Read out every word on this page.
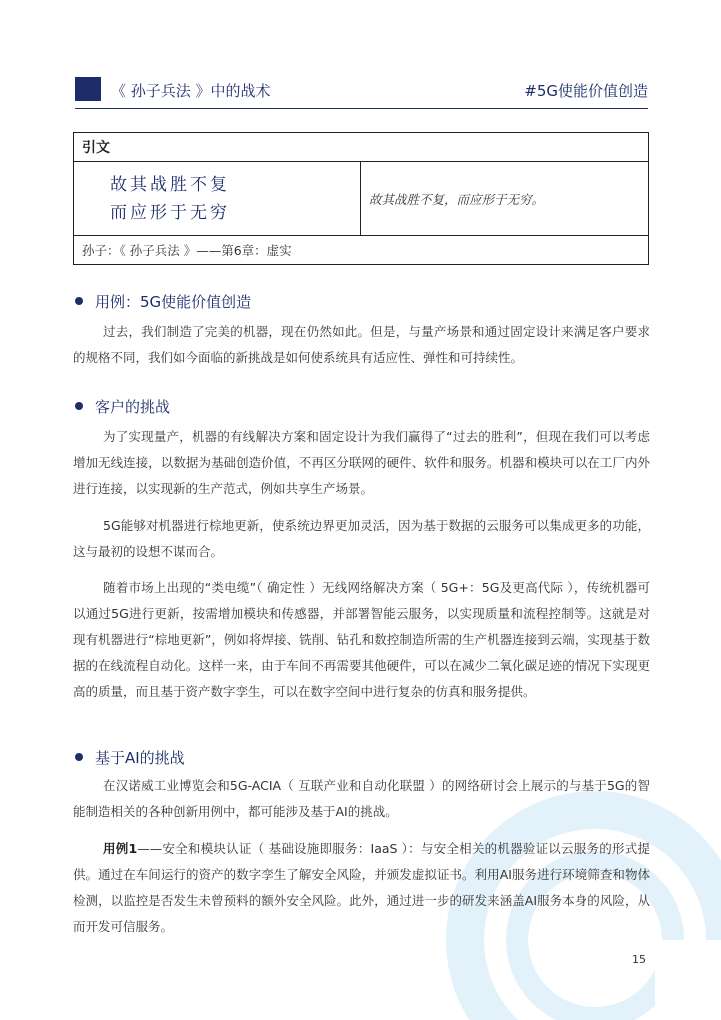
《 孙子兵法 》中的战术	#5G使能价值创造
引文

故其战胜不复
而应形于无穷
	故其战胜不复，而应形于无穷。
孙子：《 孙子兵法 》——第6章：虚实
用例：5G使能价值创造

过去，我们制造了完美的机器，现在仍然如此。但是，与量产场景和通过固定设计来满足客户要求的规格不同，我们如今面临的新挑战是如何使系统具有适应性、弹性和可持续性。

客户的挑战

为了实现量产，机器的有线解决方案和固定设计为我们赢得了“过去的胜利”，但现在我们可以考虑增加无线连接，以数据为基础创造价值，不再区分联网的硬件、软件和服务。机器和模块可以在工厂内外进行连接，以实现新的生产范式，例如共享生产场景。

5G能够对机器进行棕地更新，使系统边界更加灵活，因为基于数据的云服务可以集成更多的功能，这与最初的设想不谋而合。

随着市场上出现的“类电缆”（ 确定性 ）无线网络解决方案（ 5G+：5G及更高代际 ），传统机器可以通过5G进行更新，按需增加模块和传感器，并部署智能云服务，以实现质量和流程控制等。这就是对现有机器进行“棕地更新”，例如将焊接、铣削、钻孔和数控制造所需的生产机器连接到云端，实现基于数据的在线流程自动化。这样一来，由于车间不再需要其他硬件，可以在减少二氧化碳足迹的情况下实现更高的质量，而且基于资产数字孪生，可以在数字空间中进行复杂的仿真和服务提供。

基于AI的挑战

在汉诺威工业博览会和5G-ACIA（ 互联产业和自动化联盟 ）的网络研讨会上展示的与基于5G的智能制造相关的各种创新用例中，都可能涉及基于AI的挑战。

用例1——安全和模块认证（ 基础设施即服务：IaaS ）：与安全相关的机器验证以云服务的形式提供。通过在车间运行的资产的数字孪生了解安全风险，并颁发虚拟证书。利用AI服务进行环境筛查和物体检测，以监控是否发生未曾预料的额外安全风险。此外，通过进一步的研发来涵盖AI服务本身的风险，从而开发可信服务。

15
